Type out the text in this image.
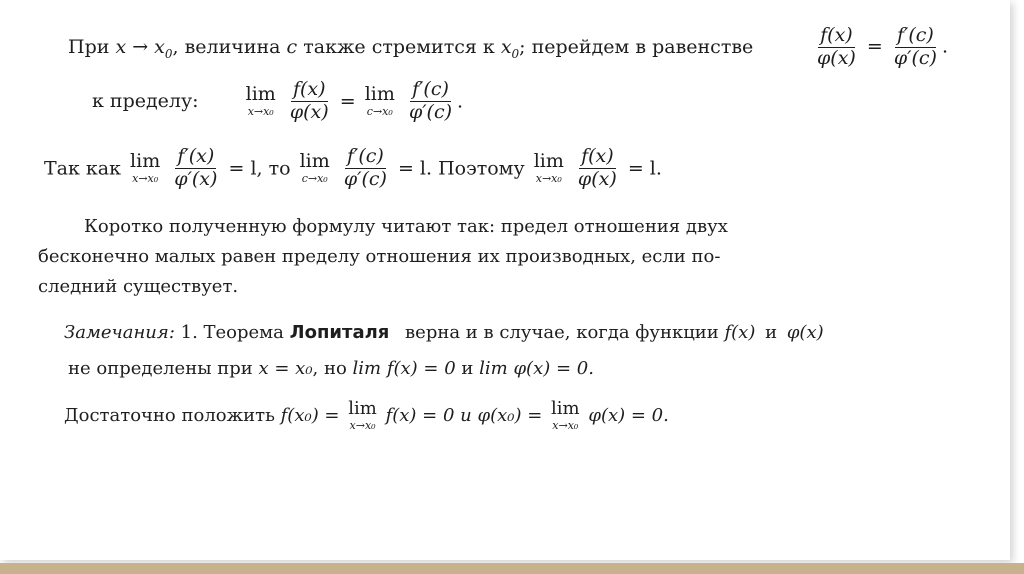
При $x \to x_0$, величина c также стремится к $x_0$; перейдем в равенстве	$\frac{f(x)}{\varphi(x)} = \frac{f'(c)}{\varphi'(c)}$ .
к пределу: lim
x→x₀
$\frac{f(x)}{\varphi(x)} = \lim$
c→x₀
$\frac{f'(c)}{\varphi'(c)}$ .
Так как lim
x→x₀
$\frac{f'(x)}{\varphi'(x)} = l$, то lim
c→x₀
$\frac{f'(c)}{\varphi'(c)} = l$. Поэтому lim
x→x₀
$\frac{f(x)}{\varphi(x)} = l$.
Коротко полученную формулу читают так: предел отношения двух
бесконечно малых равен пределу отношения их производных, если по-
следний существует.
Замечания: 1. Теорема Лопиталя верна и в случае, когда функции f(x) и φ(x)
не определены при x = x₀, но lim f(x) = 0 и lim φ(x) = 0.
Достаточно положить f(x₀) = lim
x→x₀ f(x) = 0 и φ(x₀) = lim
x→x₀ φ(x) = 0.
